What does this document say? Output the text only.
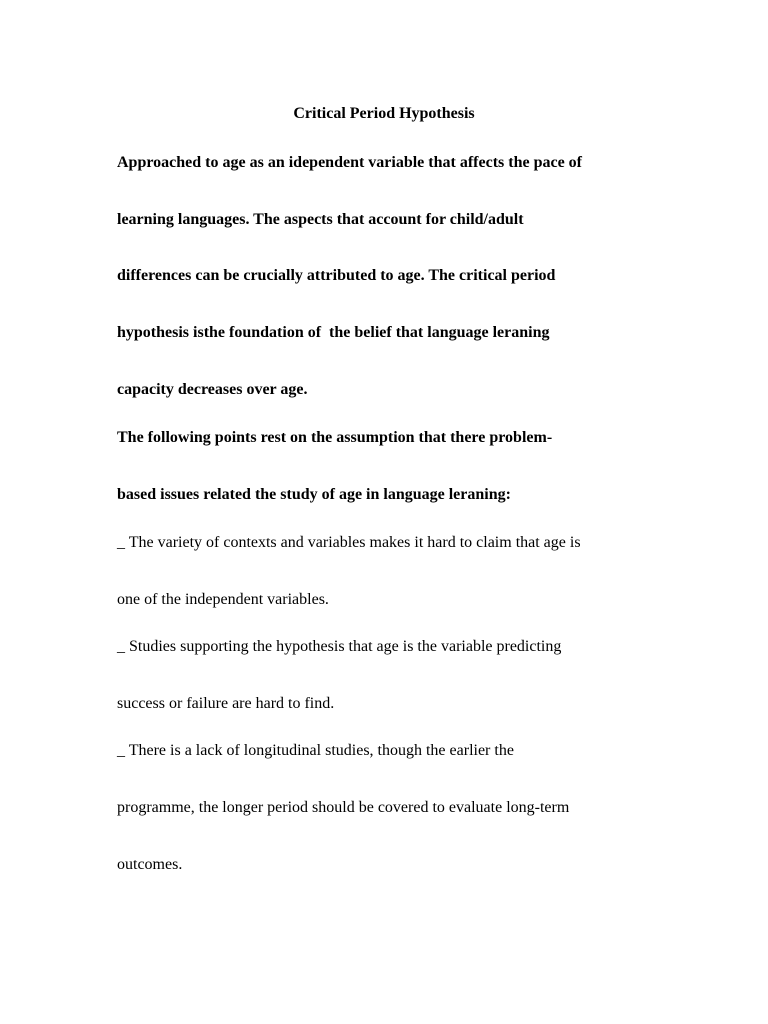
Critical Period Hypothesis
Approached to age as an idependent variable that affects the pace of
learning languages. The aspects that account for child/adult
differences can be crucially attributed to age. The critical period
hypothesis isthe foundation of  the belief that language leraning
capacity decreases over age.
The following points rest on the assumption that there problem-
based issues related the study of age in language leraning:
_ The variety of contexts and variables makes it hard to claim that age is
one of the independent variables.
_ Studies supporting the hypothesis that age is the variable predicting
success or failure are hard to find.
_ There is a lack of longitudinal studies, though the earlier the
programme, the longer period should be covered to evaluate long-term
outcomes.
